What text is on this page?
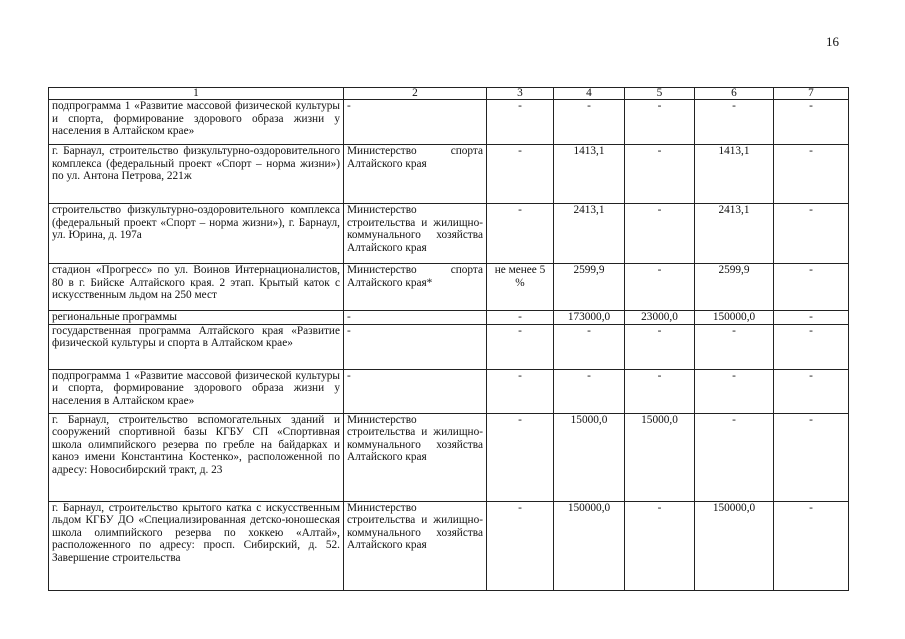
16
1	2	3	4	5	6	7
подпрограмма 1 «Развитие массовой физической культуры и спорта, формирование здорового образа жизни у населения в Алтайском крае»	-	-	-	-	-	-
г. Барнаул, строительство физкультурно-оздоровительного комплекса (федеральный проект «Спорт – норма жизни») по ул. Антона Петрова, 221ж	Министерство спорта Алтайского края	-	1413,1	-	1413,1	-
строительство физкультурно-оздоровительного комплекса (федеральный проект «Спорт – норма жизни»), г. Барнаул, ул. Юрина, д. 197а	Министерство строительства и жилищно-коммунального хозяйства Алтайского края	-	2413,1	-	2413,1	-
стадион «Прогресс» по ул. Воинов Интернационалистов, 80 в г. Бийске Алтайского края. 2 этап. Крытый каток с искусственным льдом на 250 мест	Министерство спорта Алтайского края*	не менее 5 %	2599,9	-	2599,9	-
региональные программы	-	-	173000,0	23000,0	150000,0	-
государственная программа Алтайского края «Развитие физической культуры и спорта в Алтайском крае»	-	-	-	-	-	-
подпрограмма 1 «Развитие массовой физической культуры и спорта, формирование здорового образа жизни у населения в Алтайском крае»	-	-	-	-	-	-
г. Барнаул, строительство вспомогательных зданий и сооружений спортивной базы КГБУ СП «Спортивная школа олимпийского резерва по гребле на байдарках и каноэ имени Константина Костенко», расположенной по адресу: Новосибирский тракт, д. 23	Министерство строительства и жилищно-коммунального хозяйства Алтайского края	-	15000,0	15000,0	-	-
г. Барнаул, строительство крытого катка с искусственным льдом КГБУ ДО «Специализированная детско-юношеская школа олимпийского резерва по хоккею «Алтай», расположенного по адресу: просп. Сибирский, д. 52. Завершение строительства	Министерство строительства и жилищно-коммунального хозяйства Алтайского края	-	150000,0	-	150000,0	-
